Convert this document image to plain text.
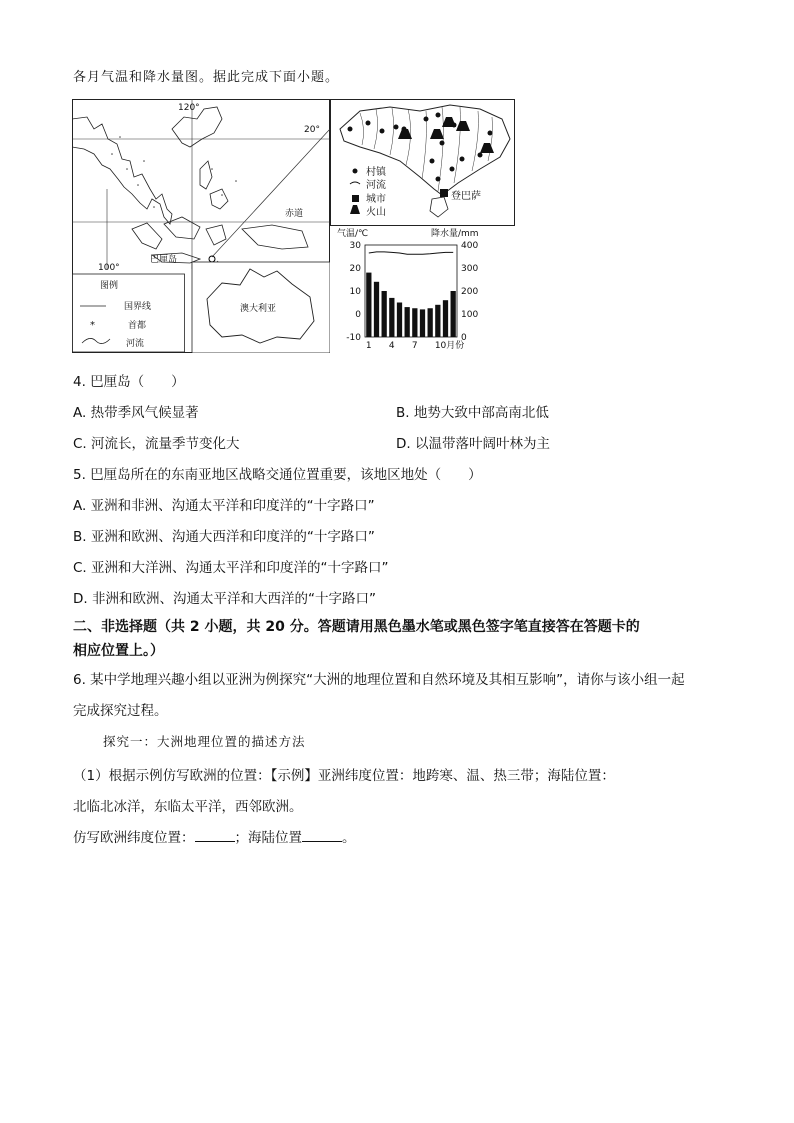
各月气温和降水量图。据此完成下面小题。
120°
20°
赤道
100°
巴厘岛
澳大利亚
图例
国界线
*	首都
河流
村镇
河流
城市
火山
登巴萨
气温/℃	降水量/mm
30
20
10
0
-10
400
300
200
100
0
1 4 7 10月份
4. 巴厘岛（　　）
A. 热带季风气候显著	B. 地势大致中部高南北低
C. 河流长，流量季节变化大	D. 以温带落叶阔叶林为主
5. 巴厘岛所在的东南亚地区战略交通位置重要，该地区地处（　　）
A. 亚洲和非洲、沟通太平洋和印度洋的“十字路口”
B. 亚洲和欧洲、沟通大西洋和印度洋的“十字路口”
C. 亚洲和大洋洲、沟通太平洋和印度洋的“十字路口”
D. 非洲和欧洲、沟通太平洋和大西洋的“十字路口”
二、非选择题（共 2 小题，共 20 分。答题请用黑色墨水笔或黑色签字笔直接答在答题卡的
相应位置上。）
6. 某中学地理兴趣小组以亚洲为例探究“大洲的地理位置和自然环境及其相互影响”，请你与该小组一起
完成探究过程。
探究一：大洲地理位置的描述方法
（1）根据示例仿写欧洲的位置：【示例】亚洲纬度位置：地跨寒、温、热三带；海陆位置：
北临北冰洋，东临太平洋，西邻欧洲。
仿写欧洲纬度位置：	；海陆位置	。
